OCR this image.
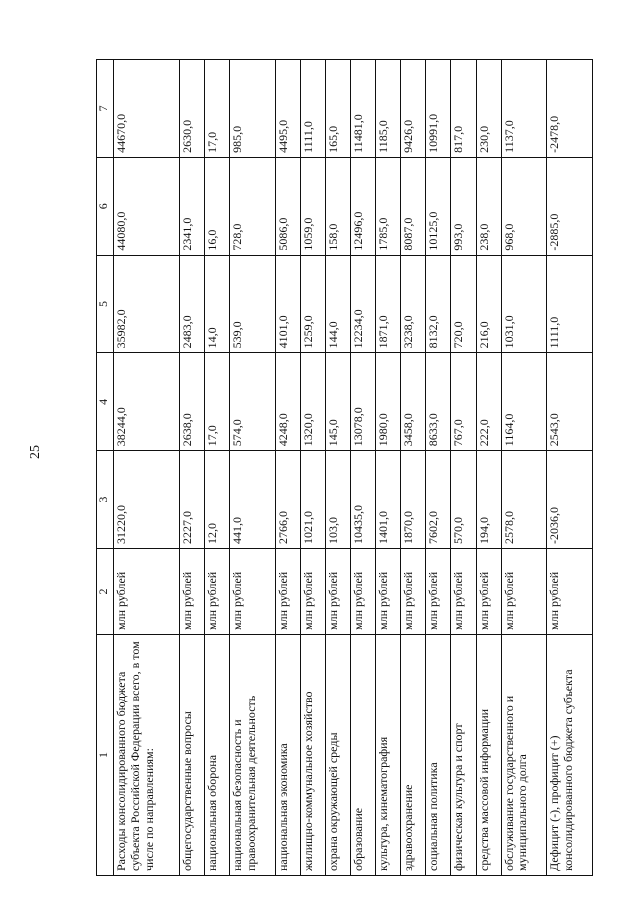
25
1	2	3	4	5	6	7
Расходы консолидированного бюджета субъекта Российской Федерации всего, в том числе по направлениям:	млн рублей	31220,0	38244,0	35982,0	44080,0	44670,0
общегосударственные вопросы	млн рублей	2227,0	2638,0	2483,0	2341,0	2630,0
национальная оборона	млн рублей	12,0	17,0	14,0	16,0	17,0
национальная безопасность и правоохранительная деятельность	млн рублей	441,0	574,0	539,0	728,0	985,0
национальная экономика	млн рублей	2766,0	4248,0	4101,0	5086,0	4495,0
жилищно-коммунальное хозяйство	млн рублей	1021,0	1320,0	1259,0	1059,0	1111,0
охрана окружающей среды	млн рублей	103,0	145,0	144,0	158,0	165,0
образование	млн рублей	10435,0	13078,0	12234,0	12496,0	11481,0
культура, кинематография	млн рублей	1401,0	1980,0	1871,0	1785,0	1185,0
здравоохранение	млн рублей	1870,0	3458,0	3238,0	8087,0	9426,0
социальная политика	млн рублей	7602,0	8633,0	8132,0	10125,0	10991,0
физическая культура и спорт	млн рублей	570,0	767,0	720,0	993,0	817,0
средства массовой информации	млн рублей	194,0	222,0	216,0	238,0	230,0
обслуживание государственного и муниципального долга	млн рублей	2578,0	1164,0	1031,0	968,0	1137,0
Дефицит (-), профицит (+) консолидированного бюджета субъекта	млн рублей	-2036,0	2543,0	1111,0	-2885,0	-2478,0
